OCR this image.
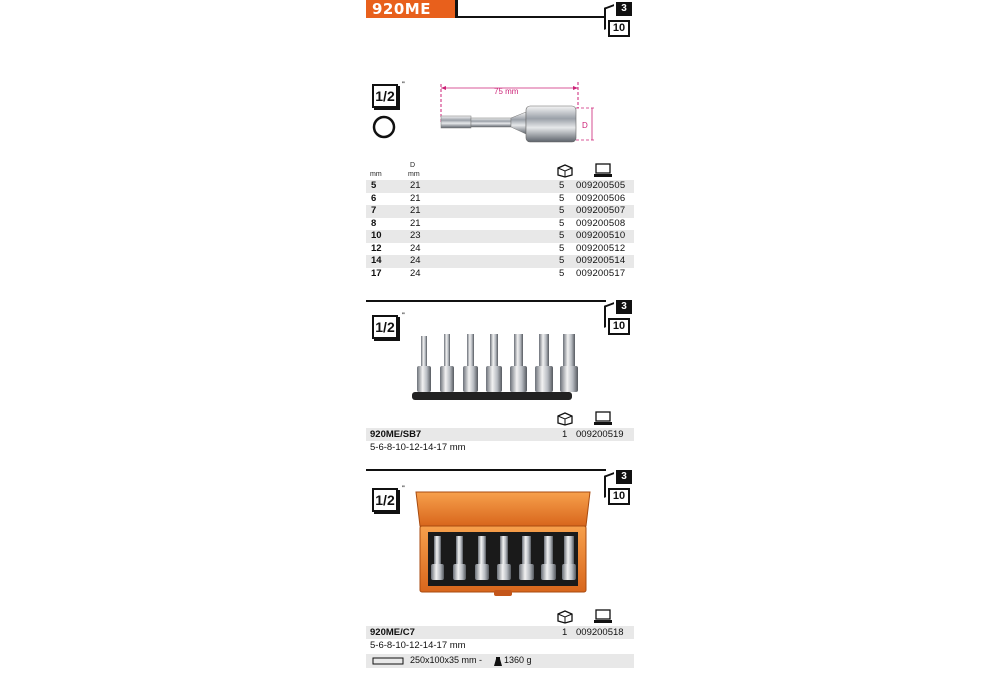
920ME	3
10
1/2
"
75 mm
D
mm
D
mm
5	21	5 009200505
6	21	5 009200506
7	21	5 009200507
8	21	5 009200508
10	23	5 009200510
12	24	5 009200512
14	24	5 009200514
17	24	5 009200517
3
10
1/2
"
920ME/SB7	1 009200519
5-6-8-10-12-14-17 mm
3
10
1/2
"
920ME/C7	1 009200518
5-6-8-10-12-14-17 mm
250x100x35 mm - 1360 g
